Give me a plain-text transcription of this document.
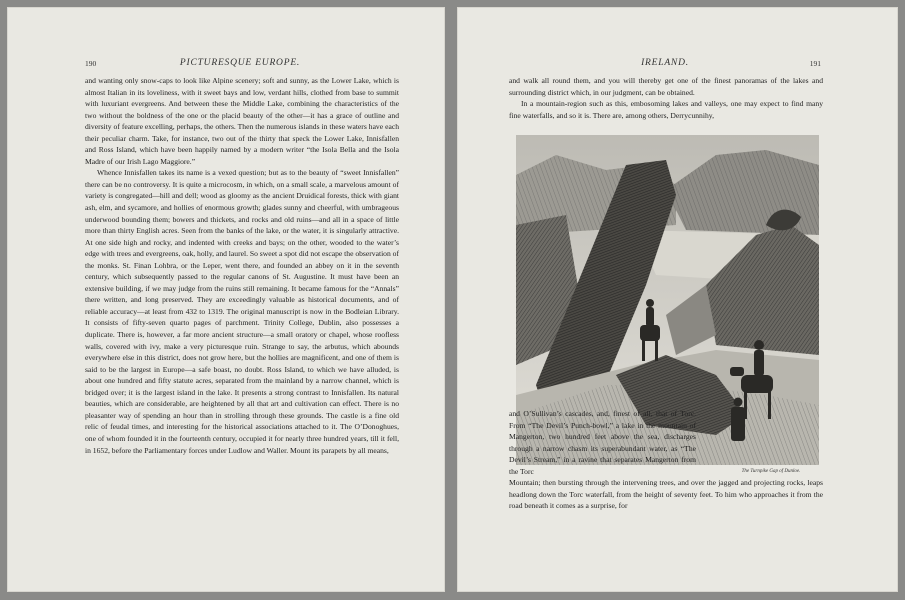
190	PICTURESQUE EUROPE.

and wanting only snow-caps to look like Alpine scenery; soft and sunny, as the Lower Lake, which is almost Italian in its loveliness, with it sweet bays and low, verdant hills, clothed from base to summit with luxuriant evergreens. And between these the Middle Lake, combining the characteristics of the two without the boldness of the one or the placid beauty of the other—it has a grace of outline and diversity of feature excelling, perhaps, the others. Then the numerous islands in these waters have each their peculiar charm. Take, for instance, two out of the thirty that speck the Lower Lake, Innisfallen and Ross Island, which have been happily named by a modern writer “the Isola Bella and the Isola Madre of our Irish Lago Maggiore.”

Whence Innisfallen takes its name is a vexed question; but as to the beauty of “sweet Innisfallen” there can be no controversy. It is quite a microcosm, in which, on a small scale, a marvelous amount of variety is congregated—hill and dell; wood as gloomy as the ancient Druidical forests, thick with giant ash, elm, and sycamore, and hollies of enormous growth; glades sunny and cheerful, with umbrageous underwood bounding them; bowers and thickets, and rocks and old ruins—and all in a space of little more than thirty English acres. Seen from the banks of the lake, or the water, it is singularly attractive. At one side high and rocky, and indented with creeks and bays; on the other, wooded to the water’s edge with trees and evergreens, oak, holly, and laurel. So sweet a spot did not escape the observation of the monks. St. Finan Lohbra, or the Leper, went there, and founded an abbey on it in the seventh century, which subsequently passed to the regular canons of St. Augustine. It must have been an extensive building, if we may judge from the ruins still remaining. It became famous for the “Annals” there written, and long preserved. They are exceedingly valuable as historical documents, and of reliable accuracy—at least from 432 to 1319. The original manuscript is now in the Bodleian Library. It consists of fifty-seven quarto pages of parchment. Trinity College, Dublin, also possesses a duplicate. There is, however, a far more ancient structure—a small oratory or chapel, whose roofless walls, covered with ivy, make a very picturesque ruin. Strange to say, the arbutus, which abounds everywhere else in this district, does not grow here, but the hollies are magnificent, and one of them is said to be the largest in Europe—a safe boast, no doubt. Ross Island, to which we have alluded, is about one hundred and fifty statute acres, separated from the mainland by a narrow channel, which is bridged over; it is the largest island in the lake. It presents a strong contrast to Innisfallen. Its natural beauties, which are considerable, are heightened by all that art and cultivation can effect. There is no pleasanter way of spending an hour than in strolling through these grounds. The castle is a fine old relic of feudal times, and interesting for the historical associations attached to it. The O’Donoghues, one of whom founded it in the fourteenth century, occupied it for nearly three hundred years, till it fell, in 1652, before the Parliamentary forces under Ludlow and Waller. Mount its parapets by all means,

IRELAND.	191

and walk all round them, and you will thereby get one of the finest panoramas of the lakes and surrounding district which, in our judgment, can be obtained.

In a mountain-region such as this, embosoming lakes and valleys, one may expect to find many fine waterfalls, and so it is. There are, among others, Derrycunnihy,

The Turnpike Gap of Dunloe.

and O’Sullivan’s cascades, and, finest of all, that of Torc. From “The Devil’s Punch-bowl,” a lake in the mountain of Mangerton, two hundred feet above the sea, discharges through a narrow chasm its superabundant water, as “The Devil’s Stream,” in a ravine that separates Mangerton from the Torc

Mountain; then bursting through the intervening trees, and over the jagged and projecting rocks, leaps headlong down the Torc waterfall, from the height of seventy feet. To him who approaches it from the road beneath it comes as a surprise, for
